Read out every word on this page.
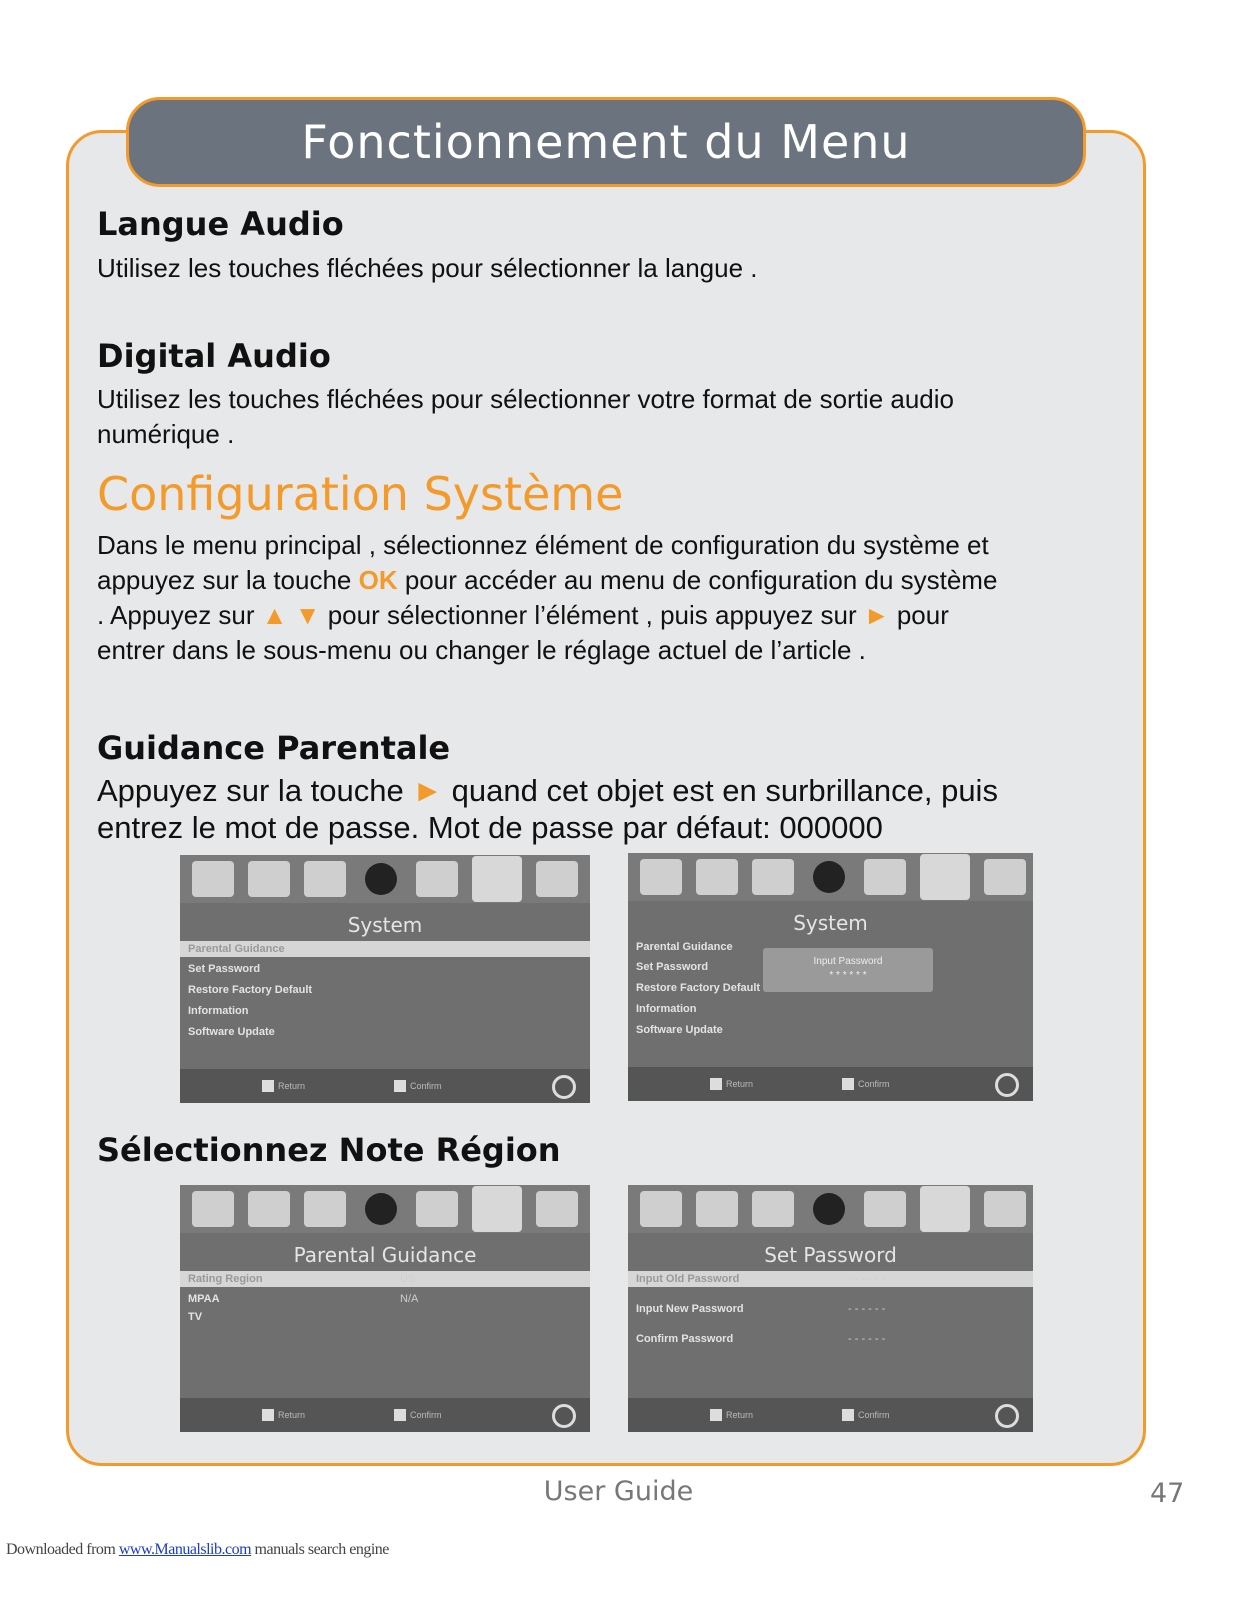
Fonctionnement du Menu
Langue Audio
Utilisez les touches fléchées pour sélectionner la langue .
Digital Audio
Utilisez les touches fléchées pour sélectionner votre format de sortie audio
numérique .
Configuration Système
Dans le menu principal , sélectionnez élément de configuration du système et
appuyez sur la touche OK pour accéder au menu de configuration du système
. Appuyez sur ▲ ▼ pour sélectionner l’élément , puis appuyez sur ► pour
entrer dans le sous-menu ou changer le réglage actuel de l’article .
Guidance Parentale
Appuyez sur la touche ► quand cet objet est en surbrillance, puis
entrez le mot de passe. Mot de passe par défaut: 000000
System
Parental Guidance
Set Password
Restore Factory Default
Information
Software Update
Return	Confirm
System
Parental Guidance
Set Password
Restore Factory Default
Information
Software Update
Input Password
* * * * * *
Return	Confirm
Sélectionnez Note Région
Parental Guidance
Rating Region	US
MPAA	N/A
TV
Return	Confirm
Set Password
Input Old Password	- - - - - -
Input New Password	- - - - - -
Confirm Password	- - - - - -
Return	Confirm
User Guide	47
Downloaded from www.Manualslib.com manuals search engine
